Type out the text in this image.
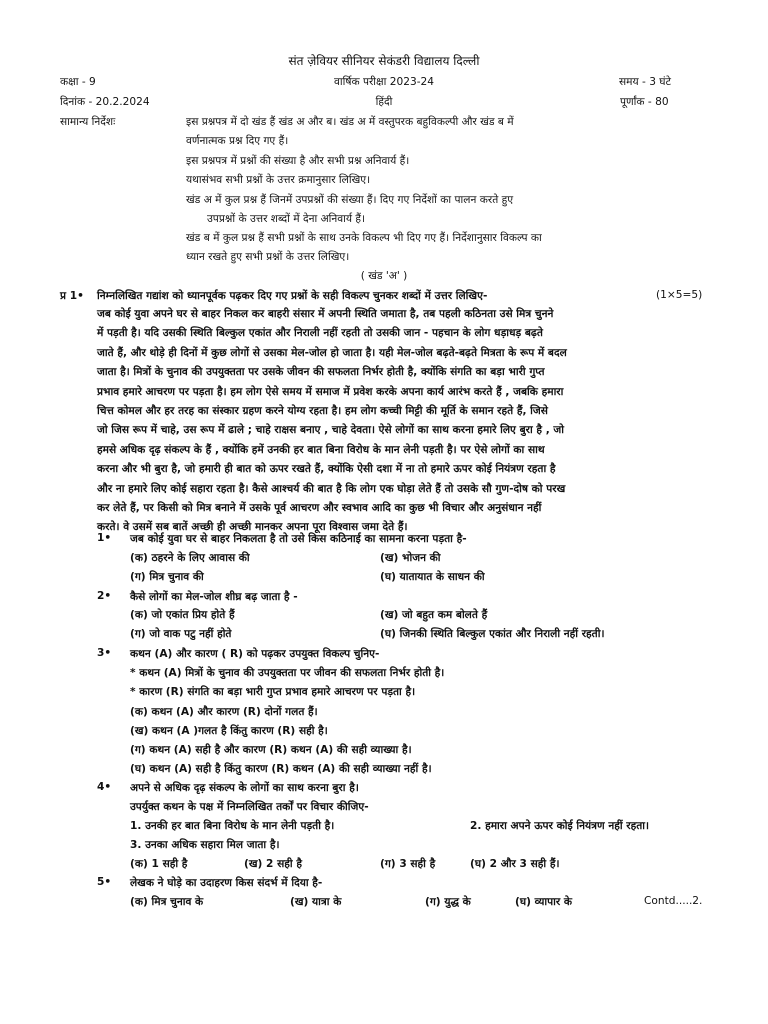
संत ज़ेवियर सीनियर सेकंडरी विद्यालय दिल्ली
कक्षा - 9	वार्षिक परीक्षा 2023-24	समय - 3 घंटे
दिनांक - 20.2.2024	हिंदी	पूर्णांक - 80
सामान्य निर्देशः	इस प्रश्नपत्र में दो खंड हैं खंड अ और ब। खंड अ में वस्तुपरक बहुविकल्पी और खंड ब में
वर्णनात्मक प्रश्न दिए गए हैं।
इस प्रश्नपत्र में प्रश्नों की संख्या है और सभी प्रश्न अनिवार्य हैं।
यथासंभव सभी प्रश्नों के उत्तर क्रमानुसार लिखिए।
खंड अ में कुल प्रश्न हैं जिनमें उपप्रश्नों की संख्या हैं। दिए गए निर्देशों का पालन करते हुए
उपप्रश्नों के उत्तर शब्दों में देना अनिवार्य हैं।
खंड ब में कुल प्रश्न हैं सभी प्रश्नों के साथ उनके विकल्प भी दिए गए हैं। निर्देशानुसार विकल्प का
ध्यान रखते हुए सभी प्रश्नों के उत्तर लिखिए।
( खंड 'अ' )
प्र 1• निम्नलिखित गद्यांश को ध्यानपूर्वक पढ़कर दिए गए प्रश्नों के सही विकल्प चुनकर शब्दों में उत्तर लिखिए-	(1×5=5)
जब कोई युवा अपने घर से बाहर निकल कर बाहरी संसार में अपनी स्थिति जमाता है, तब पहली कठिनता उसे मित्र चुनने
में पड़ती है। यदि उसकी स्थिति बिल्कुल एकांत और निराली नहीं रहती तो उसकी जान - पहचान के लोग धड़ाधड़ बढ़ते
जाते हैं, और थोड़े ही दिनों में कुछ लोगों से उसका मेल-जोल हो जाता है। यही मेल-जोल बढ़ते-बढ़ते मित्रता के रूप में बदल
जाता है। मित्रों के चुनाव की उपयुक्तता पर उसके जीवन की सफलता निर्भर होती है, क्योंकि संगति का बड़ा भारी गुप्त
प्रभाव हमारे आचरण पर पड़ता है। हम लोग ऐसे समय में समाज में प्रवेश करके अपना कार्य आरंभ करते हैं , जबकि हमारा
चित्त कोमल और हर तरह का संस्कार ग्रहण करने योग्य रहता है। हम लोग कच्ची मिट्टी की मूर्ति के समान रहते हैं, जिसे
जो जिस रूप में चाहे, उस रूप में ढाले ; चाहे राक्षस बनाए , चाहे देवता। ऐसे लोगों का साथ करना हमारे लिए बुरा है , जो
हमसे अधिक दृढ़ संकल्प के हैं , क्योंकि हमें उनकी हर बात बिना विरोध के मान लेनी पड़ती है। पर ऐसे लोगों का साथ
करना और भी बुरा है, जो हमारी ही बात को ऊपर रखते हैं, क्योंकि ऐसी दशा में ना तो हमारे ऊपर कोई नियंत्रण रहता है
और ना हमारे लिए कोई सहारा रहता है। कैसे आश्चर्य की बात है कि लोग एक घोड़ा लेते हैं तो उसके सौ गुण-दोष को परख
कर लेते हैं, पर किसी को मित्र बनाने में उसके पूर्व आचरण और स्वभाव आदि का कुछ भी विचार और अनुसंधान नहीं
करते। वे उसमें सब बातें अच्छी ही अच्छी मानकर अपना पूरा विश्वास जमा देते हैं।
1• जब कोई युवा घर से बाहर निकलता है तो उसे किस कठिनाई का सामना करना पड़ता है-
(क) ठहरने के लिए आवास की	(ख) भोजन की
(ग) मित्र चुनाव की	(घ) यातायात के साधन की
2• कैसे लोगों का मेल-जोल शीघ्र बढ़ जाता है -
(क) जो एकांत प्रिय होते हैं	(ख) जो बहुत कम बोलते हैं
(ग) जो वाक पटु नहीं होते	(घ) जिनकी स्थिति बिल्कुल एकांत और निराली नहीं रहती।
3• कथन (A) और कारण ( R) को पढ़कर उपयुक्त विकल्प चुनिए-
* कथन (A) मित्रों के चुनाव की उपयुक्तता पर जीवन की सफलता निर्भर होती है।
* कारण (R) संगति का बड़ा भारी गुप्त प्रभाव हमारे आचरण पर पड़ता है।
(क) कथन (A) और कारण (R) दोनों गलत हैं।
(ख) कथन (A )गलत है किंतु कारण (R) सही है।
(ग) कथन (A) सही है और कारण (R) कथन (A) की सही व्याख्या है।
(घ) कथन (A) सही है किंतु कारण (R) कथन (A) की सही व्याख्या नहीं है।
4• अपने से अधिक दृढ़ संकल्प के लोगों का साथ करना बुरा है।
उपर्युक्त कथन के पक्ष में निम्नलिखित तर्कों पर विचार कीजिए-
1. उनकी हर बात बिना विरोध के मान लेनी पड़ती है।	2. हमारा अपने ऊपर कोई नियंत्रण नहीं रहता।
3. उनका अधिक सहारा मिल जाता है।
(क) 1 सही है	(ख) 2 सही है	(ग) 3 सही है	(घ) 2 और 3 सही हैं।
5• लेखक ने घोड़े का उदाहरण किस संदर्भ में दिया है-
(क) मित्र चुनाव के	(ख) यात्रा के	(ग) युद्ध के	(घ) व्यापार के	Contd.....2.
